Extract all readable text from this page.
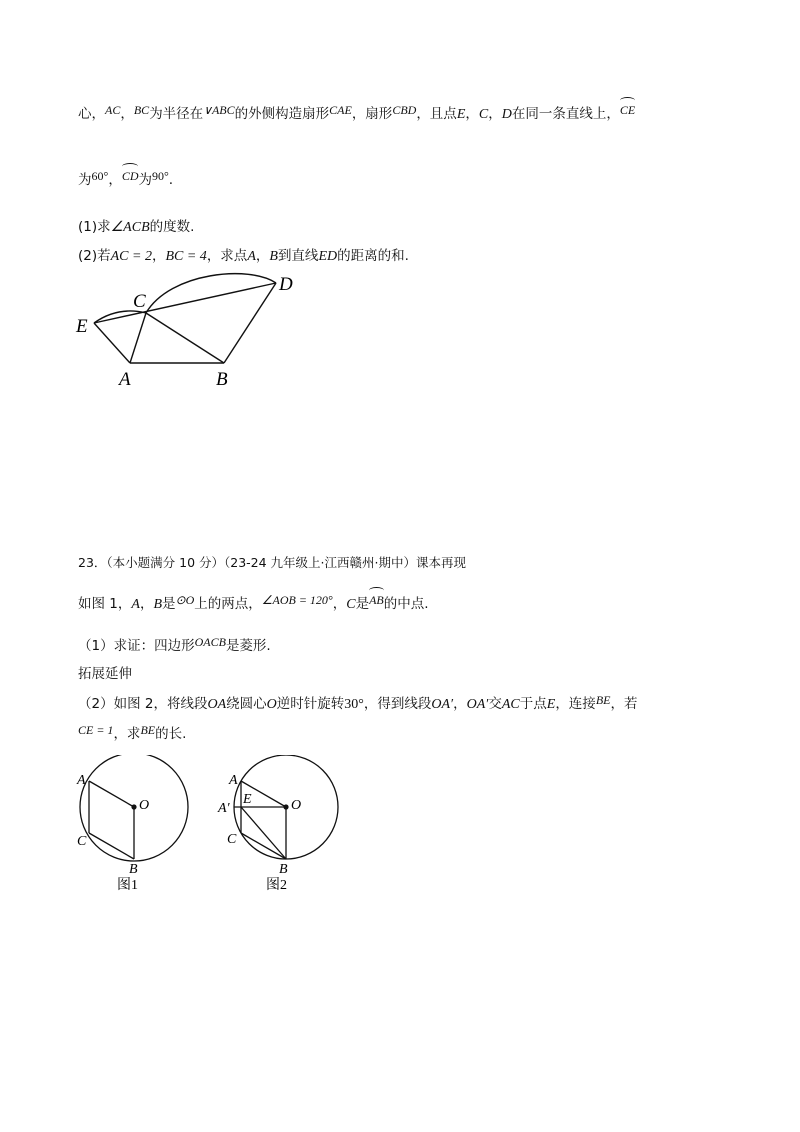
心，AC，BC为半径在∨ABC的外侧构造扇形CAE，扇形CBD，且点E，C，D在同一条直线上，
CE
为60°，
CD为90°.
(1)求∠ACB的度数.
(2)若AC = 2，BC = 4，求点A，B到直线ED的距离的和.
C
D
E
A	B
23．（本小题满分 10 分）（23-24 九年级上·江西赣州·期中）课本再现
如图 1，A，B是⊙O上的两点，∠AOB = 120°，C是
AB的中点.
（1）求证：四边形OACB是菱形.
拓展延伸
（2）如图 2，将线段OA绕圆心O逆时针旋转30°，得到线段OA′，OA′交AC于点E，连接BE，若
CE = 1，求BE的长.
A
O
C
B
图1
A
E
A′	O
C
B
图2
